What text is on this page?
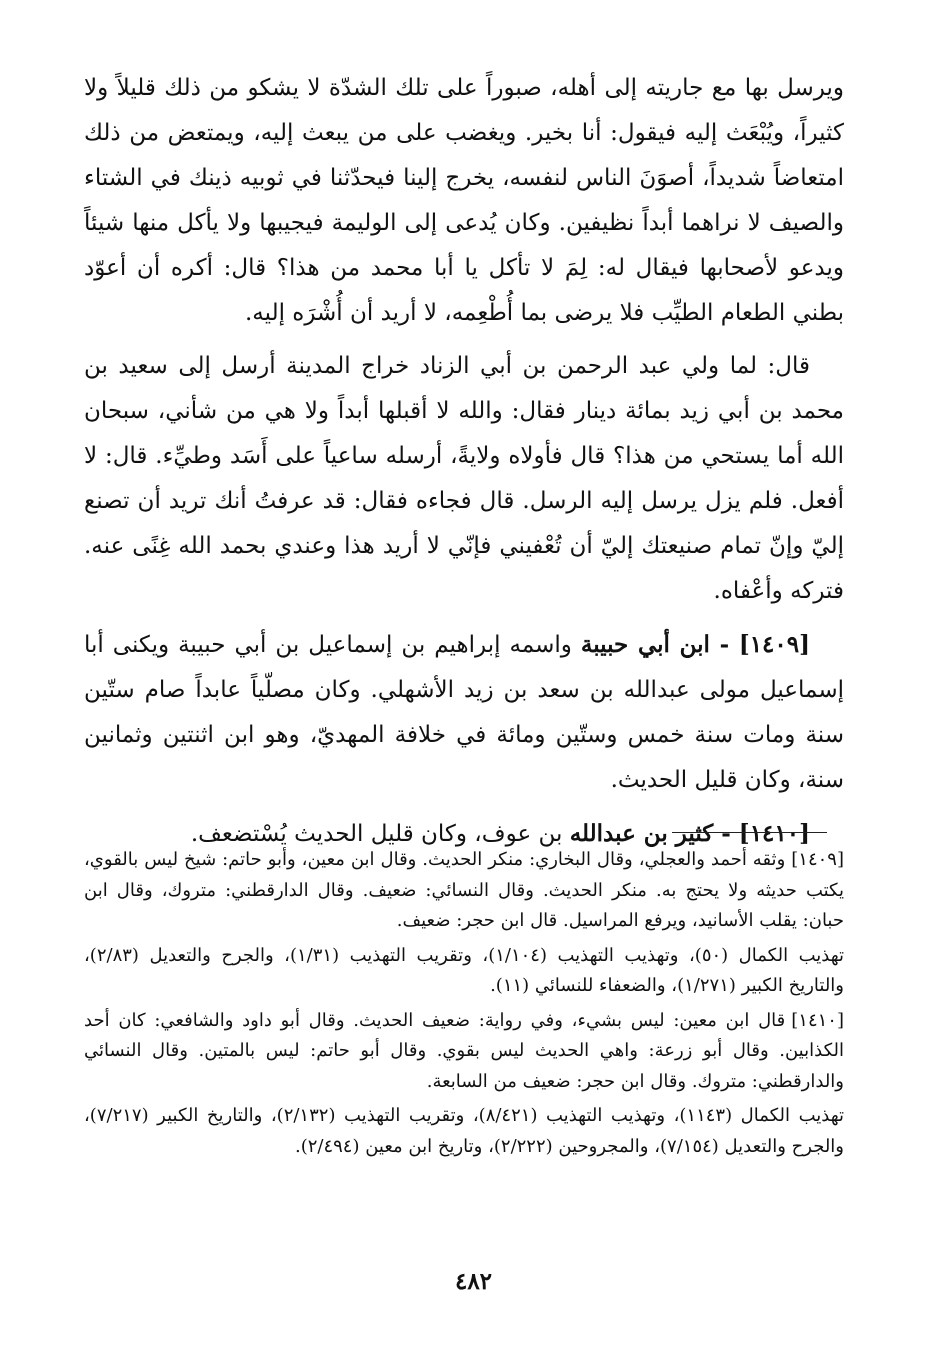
ويرسل بها مع جاريته إلى أهله، صبوراً على تلك الشدّة لا يشكو من ذلك قليلاً ولا كثيراً، ويُبْعَث إليه فيقول: أنا بخير. ويغضب على من يبعث إليه، ويمتعض من ذلك امتعاضاً شديداً، أصوَنَ الناس لنفسه، يخرج إلينا فيحدّثنا في ثوبيه ذينك في الشتاء والصيف لا نراهما أبداً نظيفين. وكان يُدعى إلى الوليمة فيجيبها ولا يأكل منها شيئاً ويدعو لأصحابها فيقال له: لِمَ لا تأكل يا أبا محمد من هذا؟ قال: أكره أن أعوّد بطني الطعام الطيِّب فلا يرضى بما أُطْعِمه، لا أريد أن أُشْرَه إليه.

قال: لما ولي عبد الرحمن بن أبي الزناد خراج المدينة أرسل إلى سعيد بن محمد بن أبي زيد بمائة دينار فقال: والله لا أقبلها أبداً ولا هي من شأني، سبحان الله أما يستحي من هذا؟ قال فأولاه ولايةً، أرسله ساعياً على أَسَد وطيِّء. قال: لا أفعل. فلم يزل يرسل إليه الرسل. قال فجاءه فقال: قد عرفتُ أنك تريد أن تصنع إليّ وإنّ تمام صنيعتك إليّ أن تُعْفيني فإنّي لا أريد هذا وعندي بحمد الله غِنًى عنه. فتركه وأعْفاه.

[١٤٠٩] - ابن أبي حبيبة واسمه إبراهيم بن إسماعيل بن أبي حبيبة ويكنى أبا إسماعيل مولى عبدالله بن سعد بن زيد الأشهلي. وكان مصلّياً عابداً صام ستّين سنة ومات سنة خمس وستّين ومائة في خلافة المهديّ، وهو ابن اثنتين وثمانين سنة، وكان قليل الحديث.

[١٤١٠] - كثير بن عبدالله بن عوف، وكان قليل الحديث يُسْتضعف.

[١٤٠٩]وثقه أحمد والعجلي، وقال البخاري: منكر الحديث. وقال ابن معين، وأبو حاتم: شيخ ليس بالقوي، يكتب حديثه ولا يحتج به. منكر الحديث. وقال النسائي: ضعيف. وقال الدارقطني: متروك، وقال ابن حبان: يقلب الأسانيد، ويرفع المراسيل. قال ابن حجر: ضعيف.

تهذيب الكمال (٥٠)، وتهذيب التهذيب (١/١٠٤)، وتقريب التهذيب (١/٣١)، والجرح والتعديل (٢/٨٣)، والتاريخ الكبير (١/٢٧١)، والضعفاء للنسائي (١١).

[١٤١٠]قال ابن معين: ليس بشيء، وفي رواية: ضعيف الحديث. وقال أبو داود والشافعي: كان أحد الكذابين. وقال أبو زرعة: واهي الحديث ليس بقوي. وقال أبو حاتم: ليس بالمتين. وقال النسائي والدارقطني: متروك. وقال ابن حجر: ضعيف من السابعة.

تهذيب الكمال (١١٤٣)، وتهذيب التهذيب (٨/٤٢١)، وتقريب التهذيب (٢/١٣٢)، والتاريخ الكبير (٧/٢١٧)، والجرح والتعديل (٧/١٥٤)، والمجروحين (٢/٢٢٢)، وتاريخ ابن معين (٢/٤٩٤).

٤٨٢
